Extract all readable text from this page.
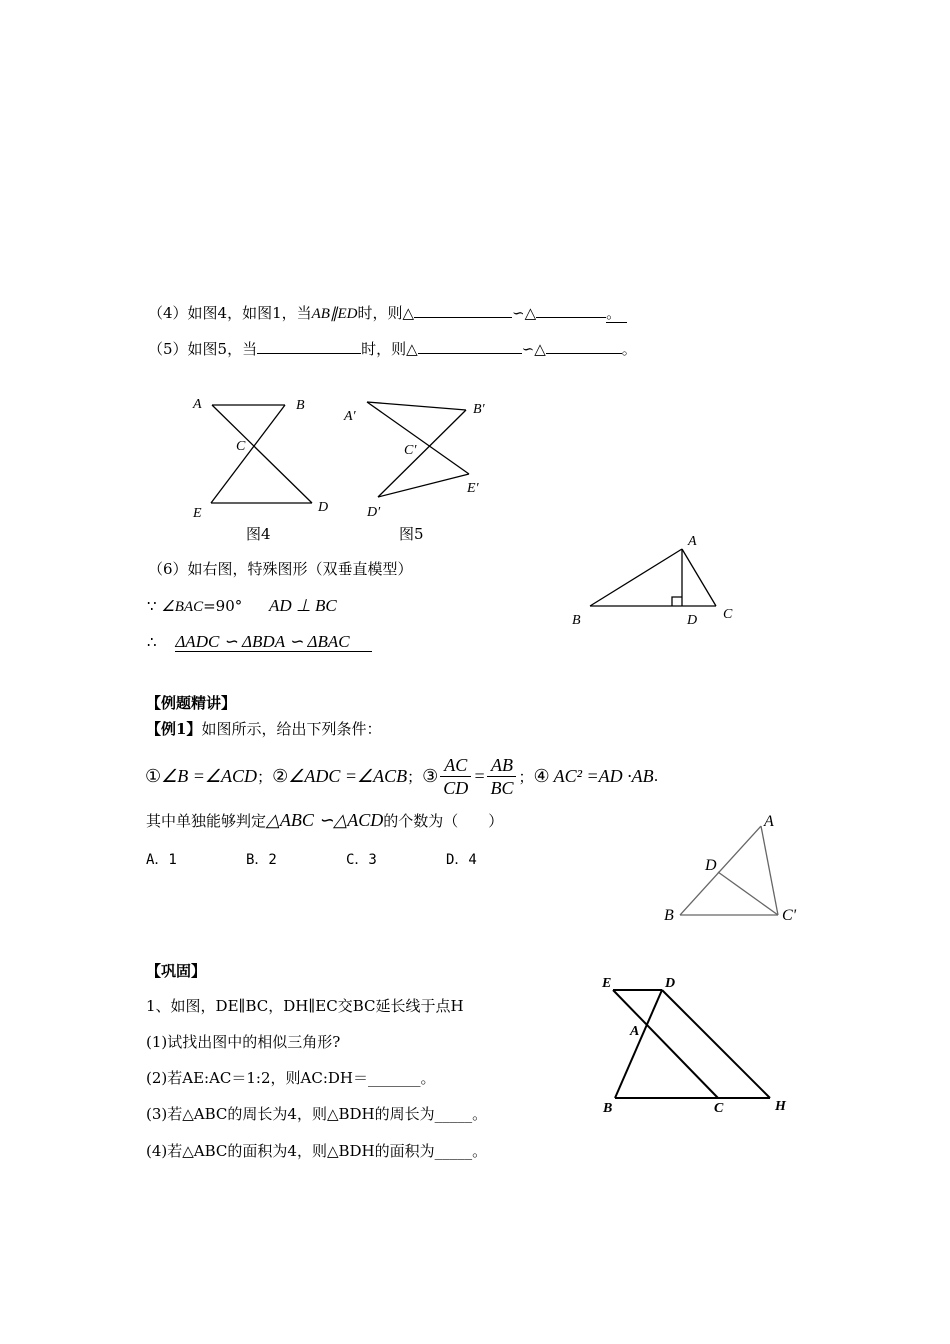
（4）如图4，如图1，当AB∥ED时，则△	∽△	。
（5）如图5，当	时，则△	∽△	。
A	B
C
D
E
图4
A′	B′
C′
D′
E′
图5
（6）如右图，特殊图形（双垂直模型）
∵ ∠BAC=90° AD ⊥ BC
∴ ΔADC ∽ ΔBDA ∽ ΔBAC
A
B	C
D
【例题精讲】
【例1】如图所示，给出下列条件：
① ∠B =∠ACD ； ② ∠ADC =∠ACB ； ③ $\frac{AC}{CD} = \frac{AB}{BC}$ ； ④ AC² =AD ·AB .
其中单独能够判定△ABC ∽△ACD的个数为（　　）
A．1	B．2	C．3	D．4
A
B	C'
D
【巩固】
1、如图，DE∥BC，DH∥EC交BC延长线于点H
(1)试找出图中的相似三角形?
(2)若AE:AC＝1:2，则AC:DH＝_______。
(3)若△ABC的周长为4，则△BDH的周长为_____。
(4)若△ABC的面积为4，则△BDH的面积为_____。
E	D
A
B	C	H
